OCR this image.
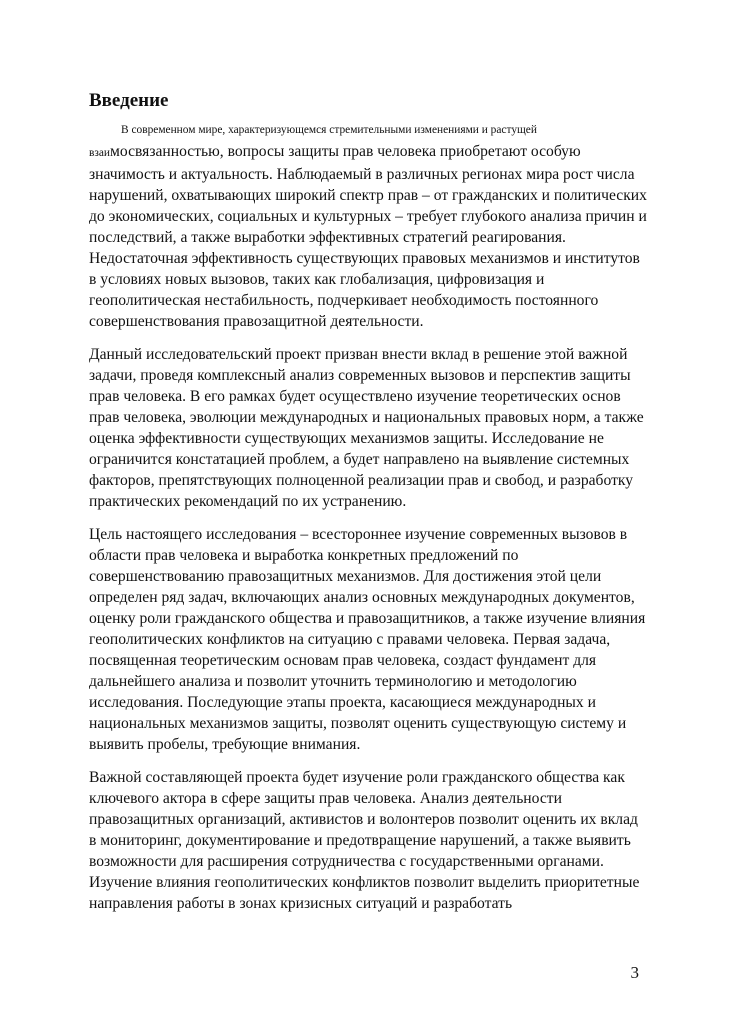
Введение

В современном мире, характеризующемся стремительными изменениями и растущей
взаимосвязанностью, вопросы защиты прав человека приобретают особую значимость и актуальность. Наблюдаемый в различных регионах мира рост числа нарушений, охватывающих широкий спектр прав – от гражданских и политических до экономических, социальных и культурных – требует глубокого анализа причин и последствий, а также выработки эффективных стратегий реагирования. Недостаточная эффективность существующих правовых механизмов и институтов в условиях новых вызовов, таких как глобализация, цифровизация и геополитическая нестабильность, подчеркивает необходимость постоянного совершенствования правозащитной деятельности.

Данный исследовательский проект призван внести вклад в решение этой важной задачи, проведя комплексный анализ современных вызовов и перспектив защиты прав человека. В его рамках будет осуществлено изучение теоретических основ прав человека, эволюции международных и национальных правовых норм, а также оценка эффективности существующих механизмов защиты. Исследование не ограничится констатацией проблем, а будет направлено на выявление системных факторов, препятствующих полноценной реализации прав и свобод, и разработку практических рекомендаций по их устранению.

Цель настоящего исследования – всестороннее изучение современных вызовов в области прав человека и выработка конкретных предложений по совершенствованию правозащитных механизмов. Для достижения этой цели определен ряд задач, включающих анализ основных международных документов, оценку роли гражданского общества и правозащитников, а также изучение влияния геополитических конфликтов на ситуацию с правами человека. Первая задача, посвященная теоретическим основам прав человека, создаст фундамент для дальнейшего анализа и позволит уточнить терминологию и методологию исследования. Последующие этапы проекта, касающиеся международных и национальных механизмов защиты, позволят оценить существующую систему и выявить пробелы, требующие внимания.

Важной составляющей проекта будет изучение роли гражданского общества как ключевого актора в сфере защиты прав человека. Анализ деятельности правозащитных организаций, активистов и волонтеров позволит оценить их вклад в мониторинг, документирование и предотвращение нарушений, а также выявить возможности для расширения сотрудничества с государственными органами. Изучение влияния геополитических конфликтов позволит выделить приоритетные направления работы в зонах кризисных ситуаций и разработать

3
